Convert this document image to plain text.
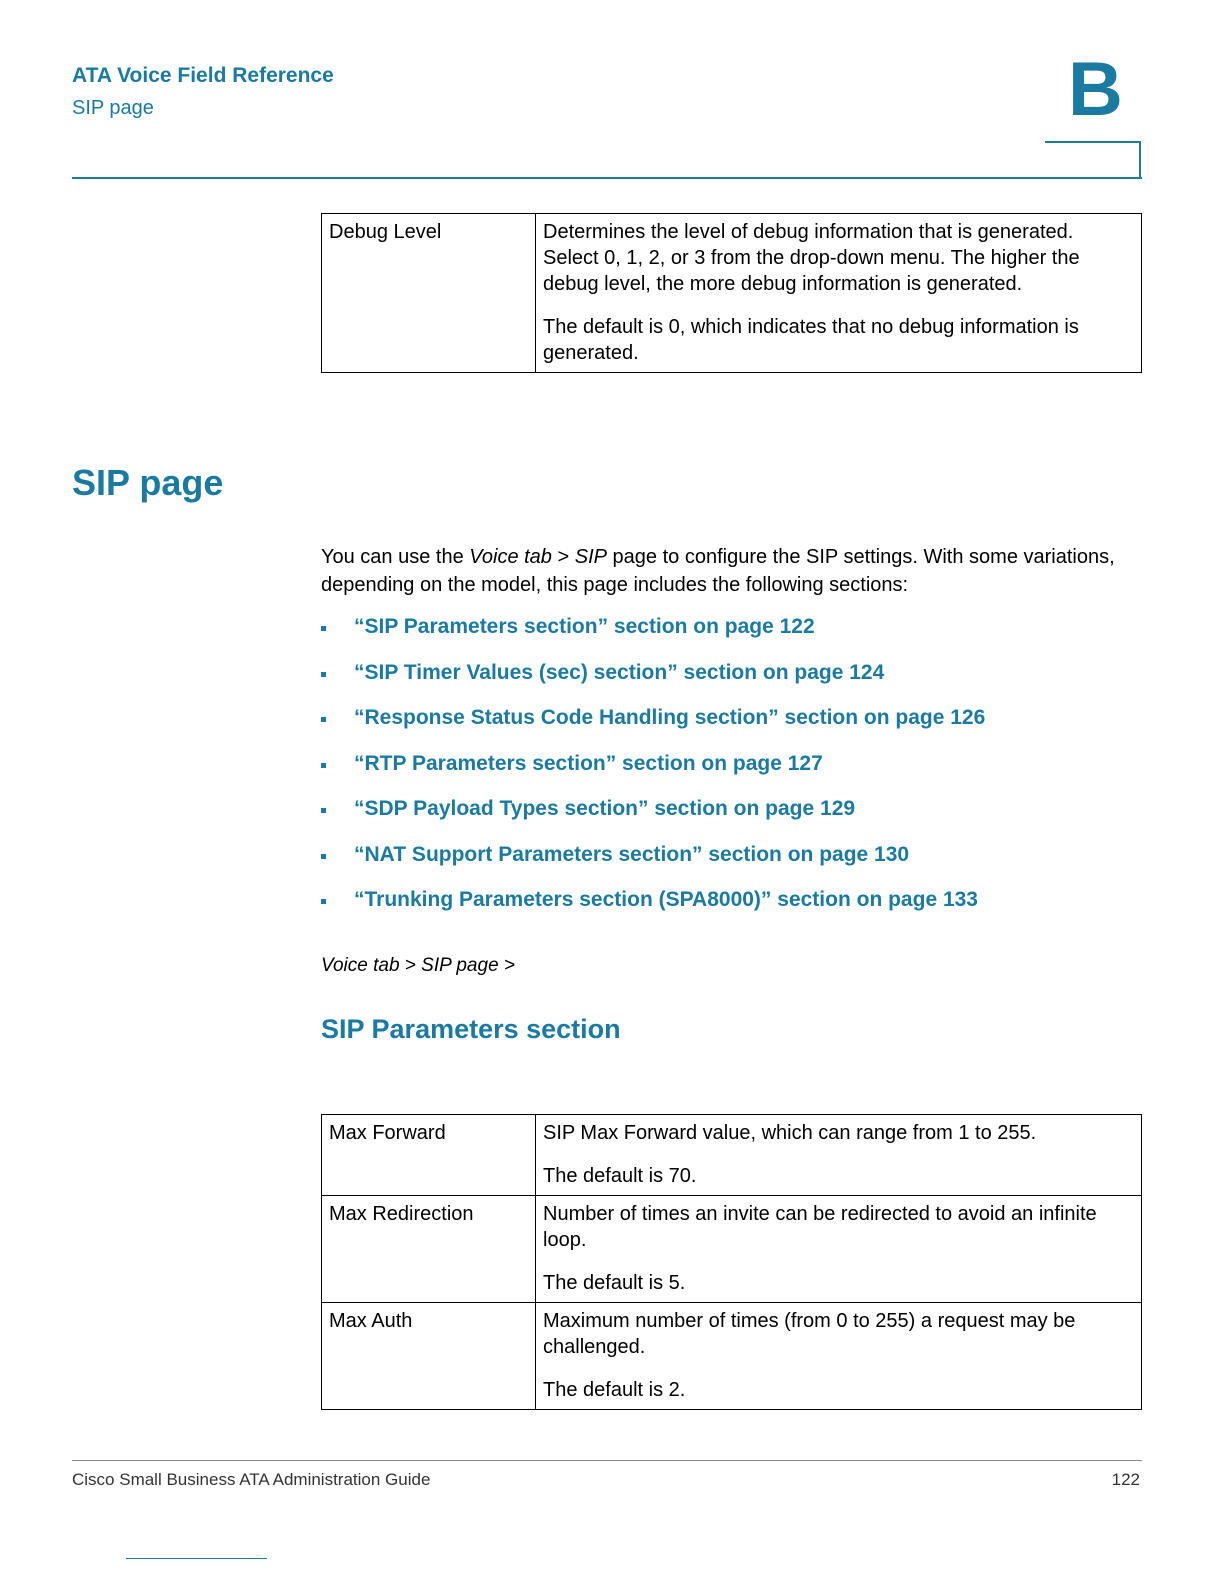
ATA Voice Field Reference
SIP page	B
Debug Level	Determines the level of debug information that is generated. Select 0, 1, 2, or 3 from the drop-down menu. The higher the debug level, the more debug information is generated.

The default is 0, which indicates that no debug information is generated.

SIP page
You can use the Voice tab > SIP page to configure the SIP settings. With some variations, depending on the model, this page includes the following sections:
“SIP Parameters section” section on page 122
“SIP Timer Values (sec) section” section on page 124
“Response Status Code Handling section” section on page 126
“RTP Parameters section” section on page 127
“SDP Payload Types section” section on page 129
“NAT Support Parameters section” section on page 130
“Trunking Parameters section (SPA8000)” section on page 133
Voice tab > SIP page >
SIP Parameters section
Max Forward	SIP Max Forward value, which can range from 1 to 255.

The default is 70.

Max Redirection	Number of times an invite can be redirected to avoid an infinite loop.

The default is 5.

Max Auth	Maximum number of times (from 0 to 255) a request may be challenged.

The default is 2.

Cisco Small Business ATA Administration Guide	122
